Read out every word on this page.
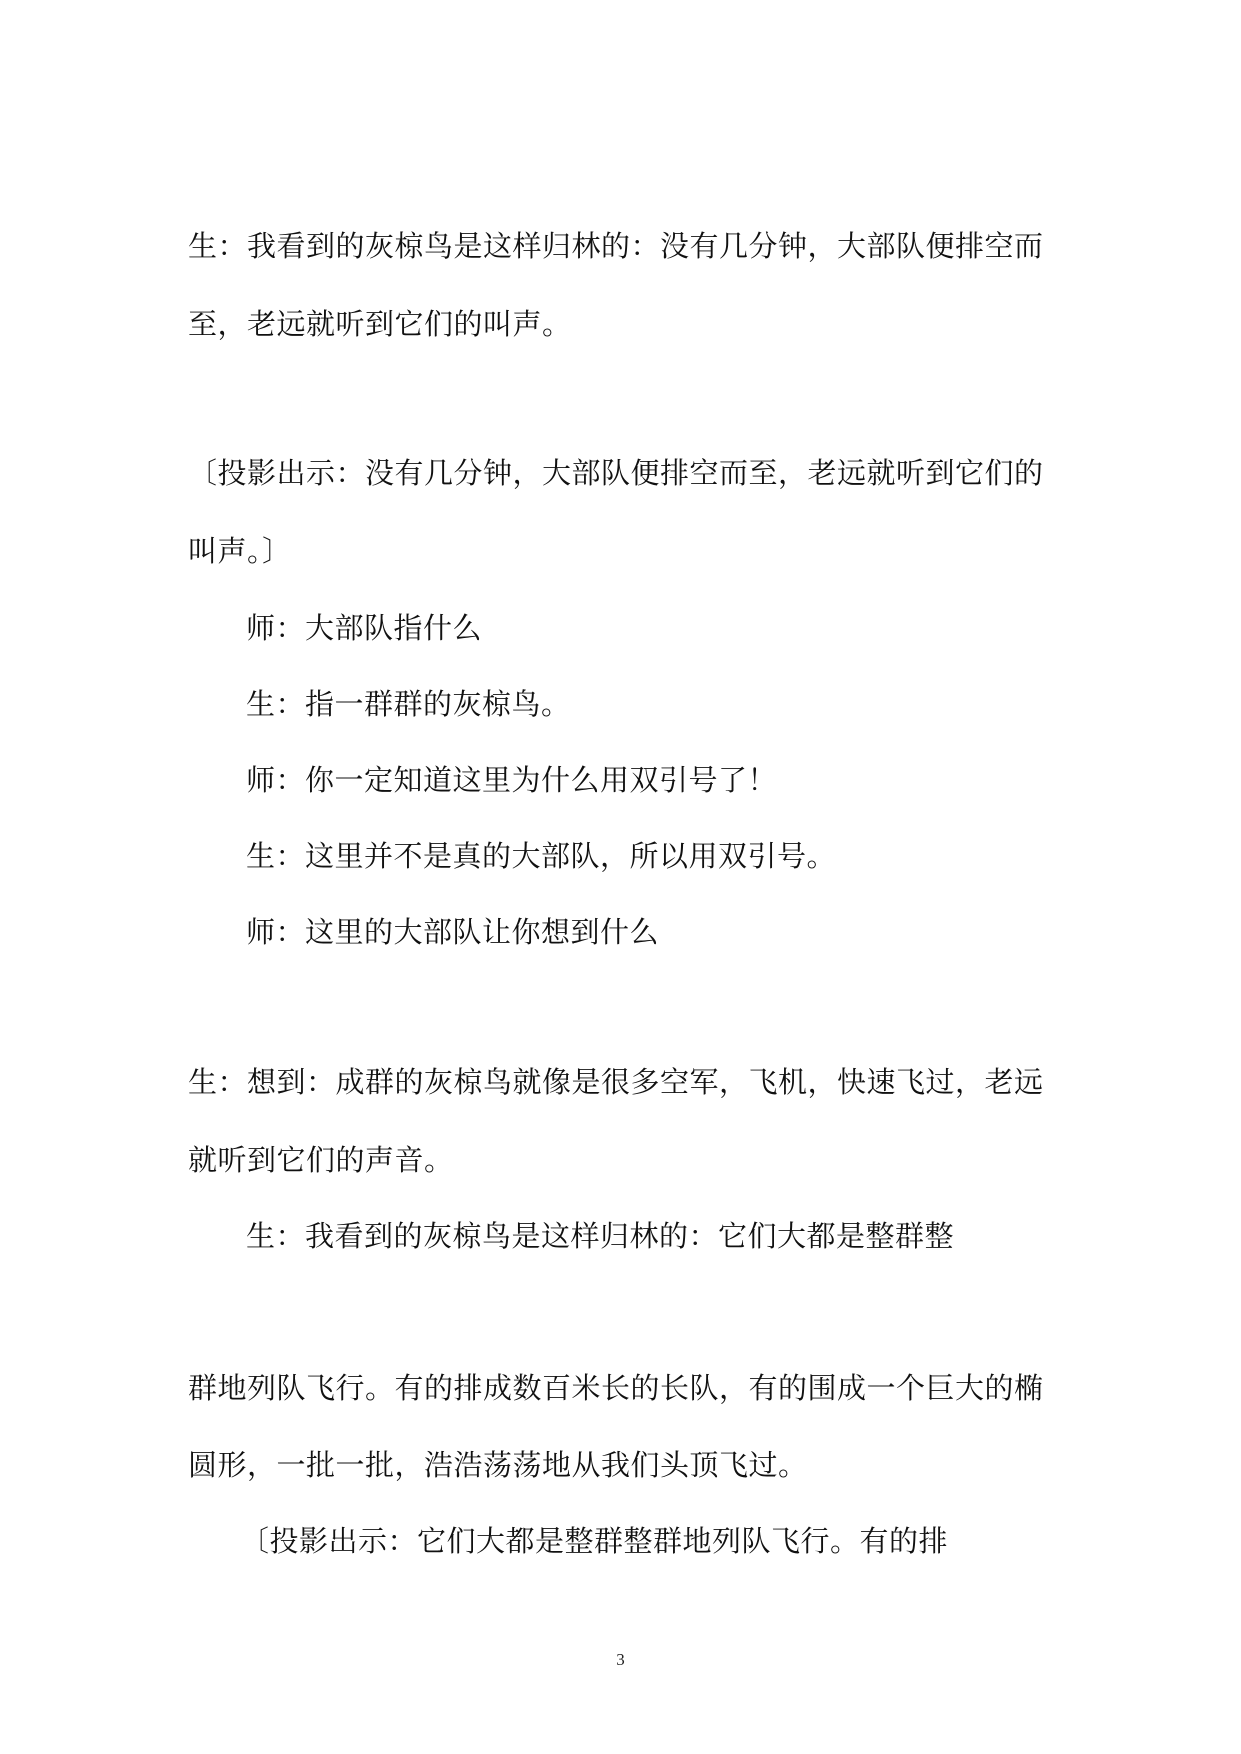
生：我看到的灰椋鸟是这样归林的：没有几分钟，大部队便排空而
至，老远就听到它们的叫声。
〔投影出示：没有几分钟，大部队便排空而至，老远就听到它们的
叫声。〕
师：大部队指什么
生：指一群群的灰椋鸟。
师：你一定知道这里为什么用双引号了！
生：这里并不是真的大部队，所以用双引号。
师：这里的大部队让你想到什么
生：想到：成群的灰椋鸟就像是很多空军，飞机，快速飞过，老远
就听到它们的声音。
生：我看到的灰椋鸟是这样归林的：它们大都是整群整
群地列队飞行。有的排成数百米长的长队，有的围成一个巨大的椭
圆形，一批一批，浩浩荡荡地从我们头顶飞过。
〔投影出示：它们大都是整群整群地列队飞行。有的排
3
